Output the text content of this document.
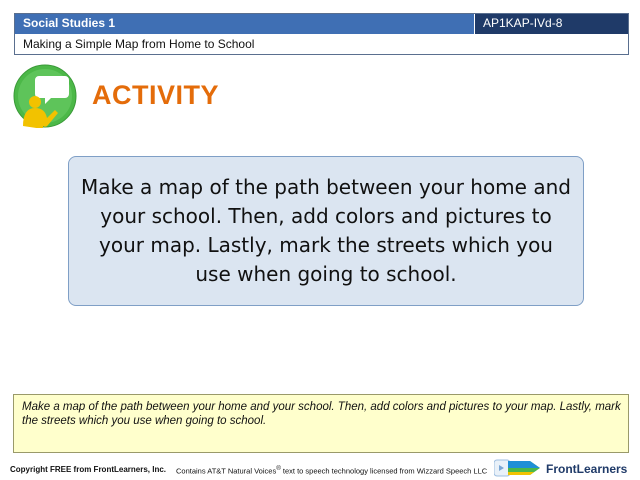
Social Studies 1	AP1KAP-IVd-8
Making a Simple Map from Home to School
ACTIVITY
Make a map of the path between your home and your school. Then, add colors and pictures to your map. Lastly, mark the streets which you use when going to school.
Make a map of the path between your home and your school. Then, add colors and pictures to your map. Lastly, mark the streets which you use when going to school.
Copyright FREE from FrontLearners, Inc. Contains AT&T Natural Voices® text to speech technology licensed from Wizzard Speech LLC	FrontLearners
